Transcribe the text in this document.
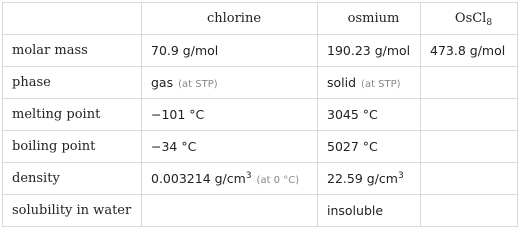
	chlorine	osmium	OsCl$_8$
molar mass	70.9 g/mol	190.23 g/mol	473.8 g/mol
phase	gas (at STP)	solid (at STP)	
melting point	−101 °C	3045 °C	
boiling point	−34 °C	5027 °C	
density	0.003214 $g/cm^3$ (at 0 °C)	22.59 $g/cm^3$	
solubility in water		insoluble	
